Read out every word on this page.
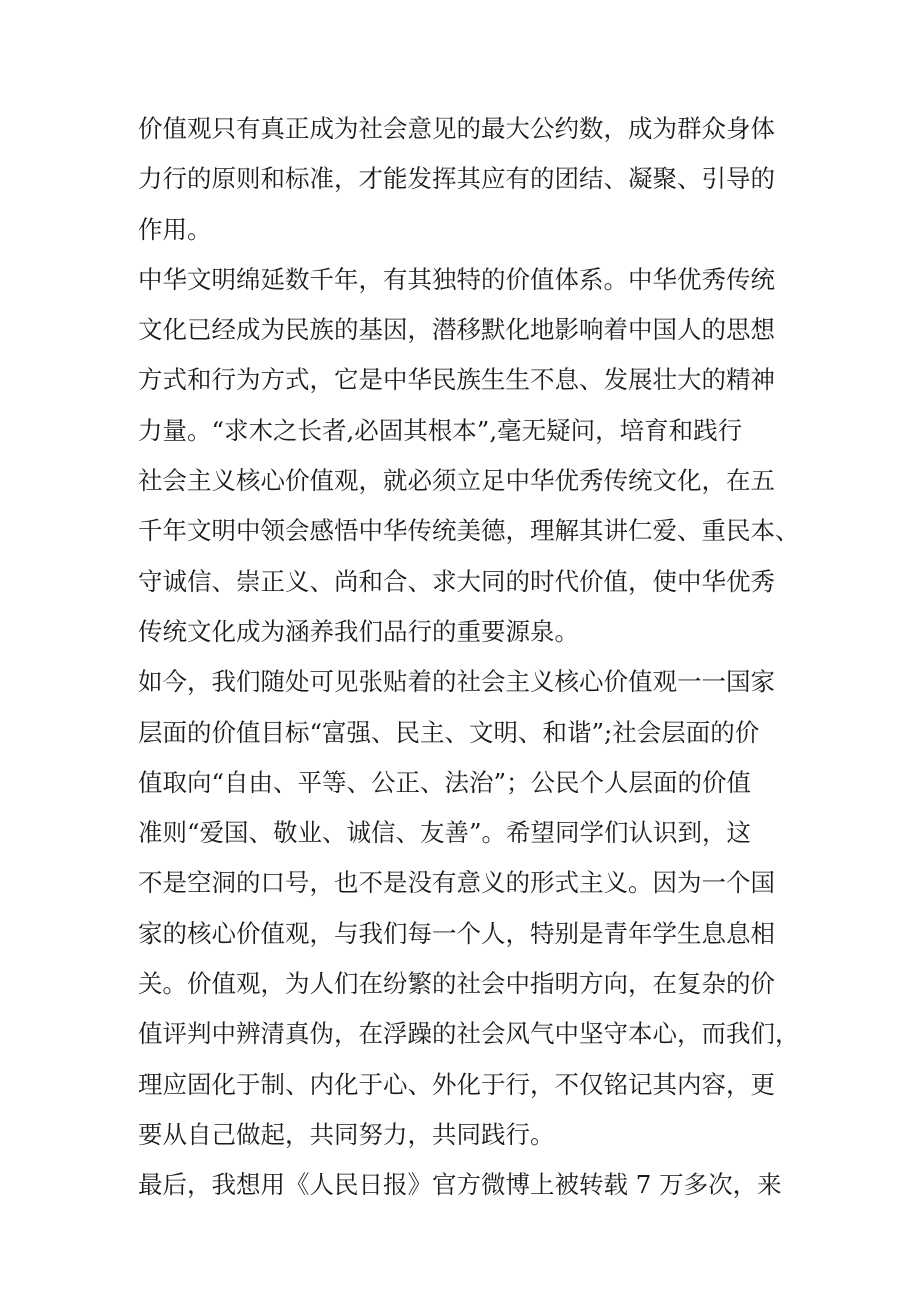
价值观只有真正成为社会意见的最大公约数，成为群众身体
力行的原则和标准，才能发挥其应有的团结、凝聚、引导的
作用。
中华文明绵延数千年，有其独特的价值体系。中华优秀传统
文化已经成为民族的基因，潜移默化地影响着中国人的思想
方式和行为方式，它是中华民族生生不息、发展壮大的精神
力量。“求木之长者,必固其根本”,毫无疑问，培育和践行
社会主义核心价值观，就必须立足中华优秀传统文化，在五
千年文明中领会感悟中华传统美德，理解其讲仁爱、重民本、
守诚信、崇正义、尚和合、求大同的时代价值，使中华优秀
传统文化成为涵养我们品行的重要源泉。
如今，我们随处可见张贴着的社会主义核心价值观一一国家
层面的价值目标“富强、民主、文明、和谐”;社会层面的价
值取向“自由、平等、公正、法治”；公民个人层面的价值
准则“爱国、敬业、诚信、友善”。希望同学们认识到，这
不是空洞的口号，也不是没有意义的形式主义。因为一个国
家的核心价值观，与我们每一个人，特别是青年学生息息相
关。价值观，为人们在纷繁的社会中指明方向，在复杂的价
值评判中辨清真伪，在浮躁的社会风气中坚守本心，而我们，
理应固化于制、内化于心、外化于行，不仅铭记其内容，更
要从自己做起，共同努力，共同践行。
最后，我想用《人民日报》官方微博上被转载 7 万多次，来
